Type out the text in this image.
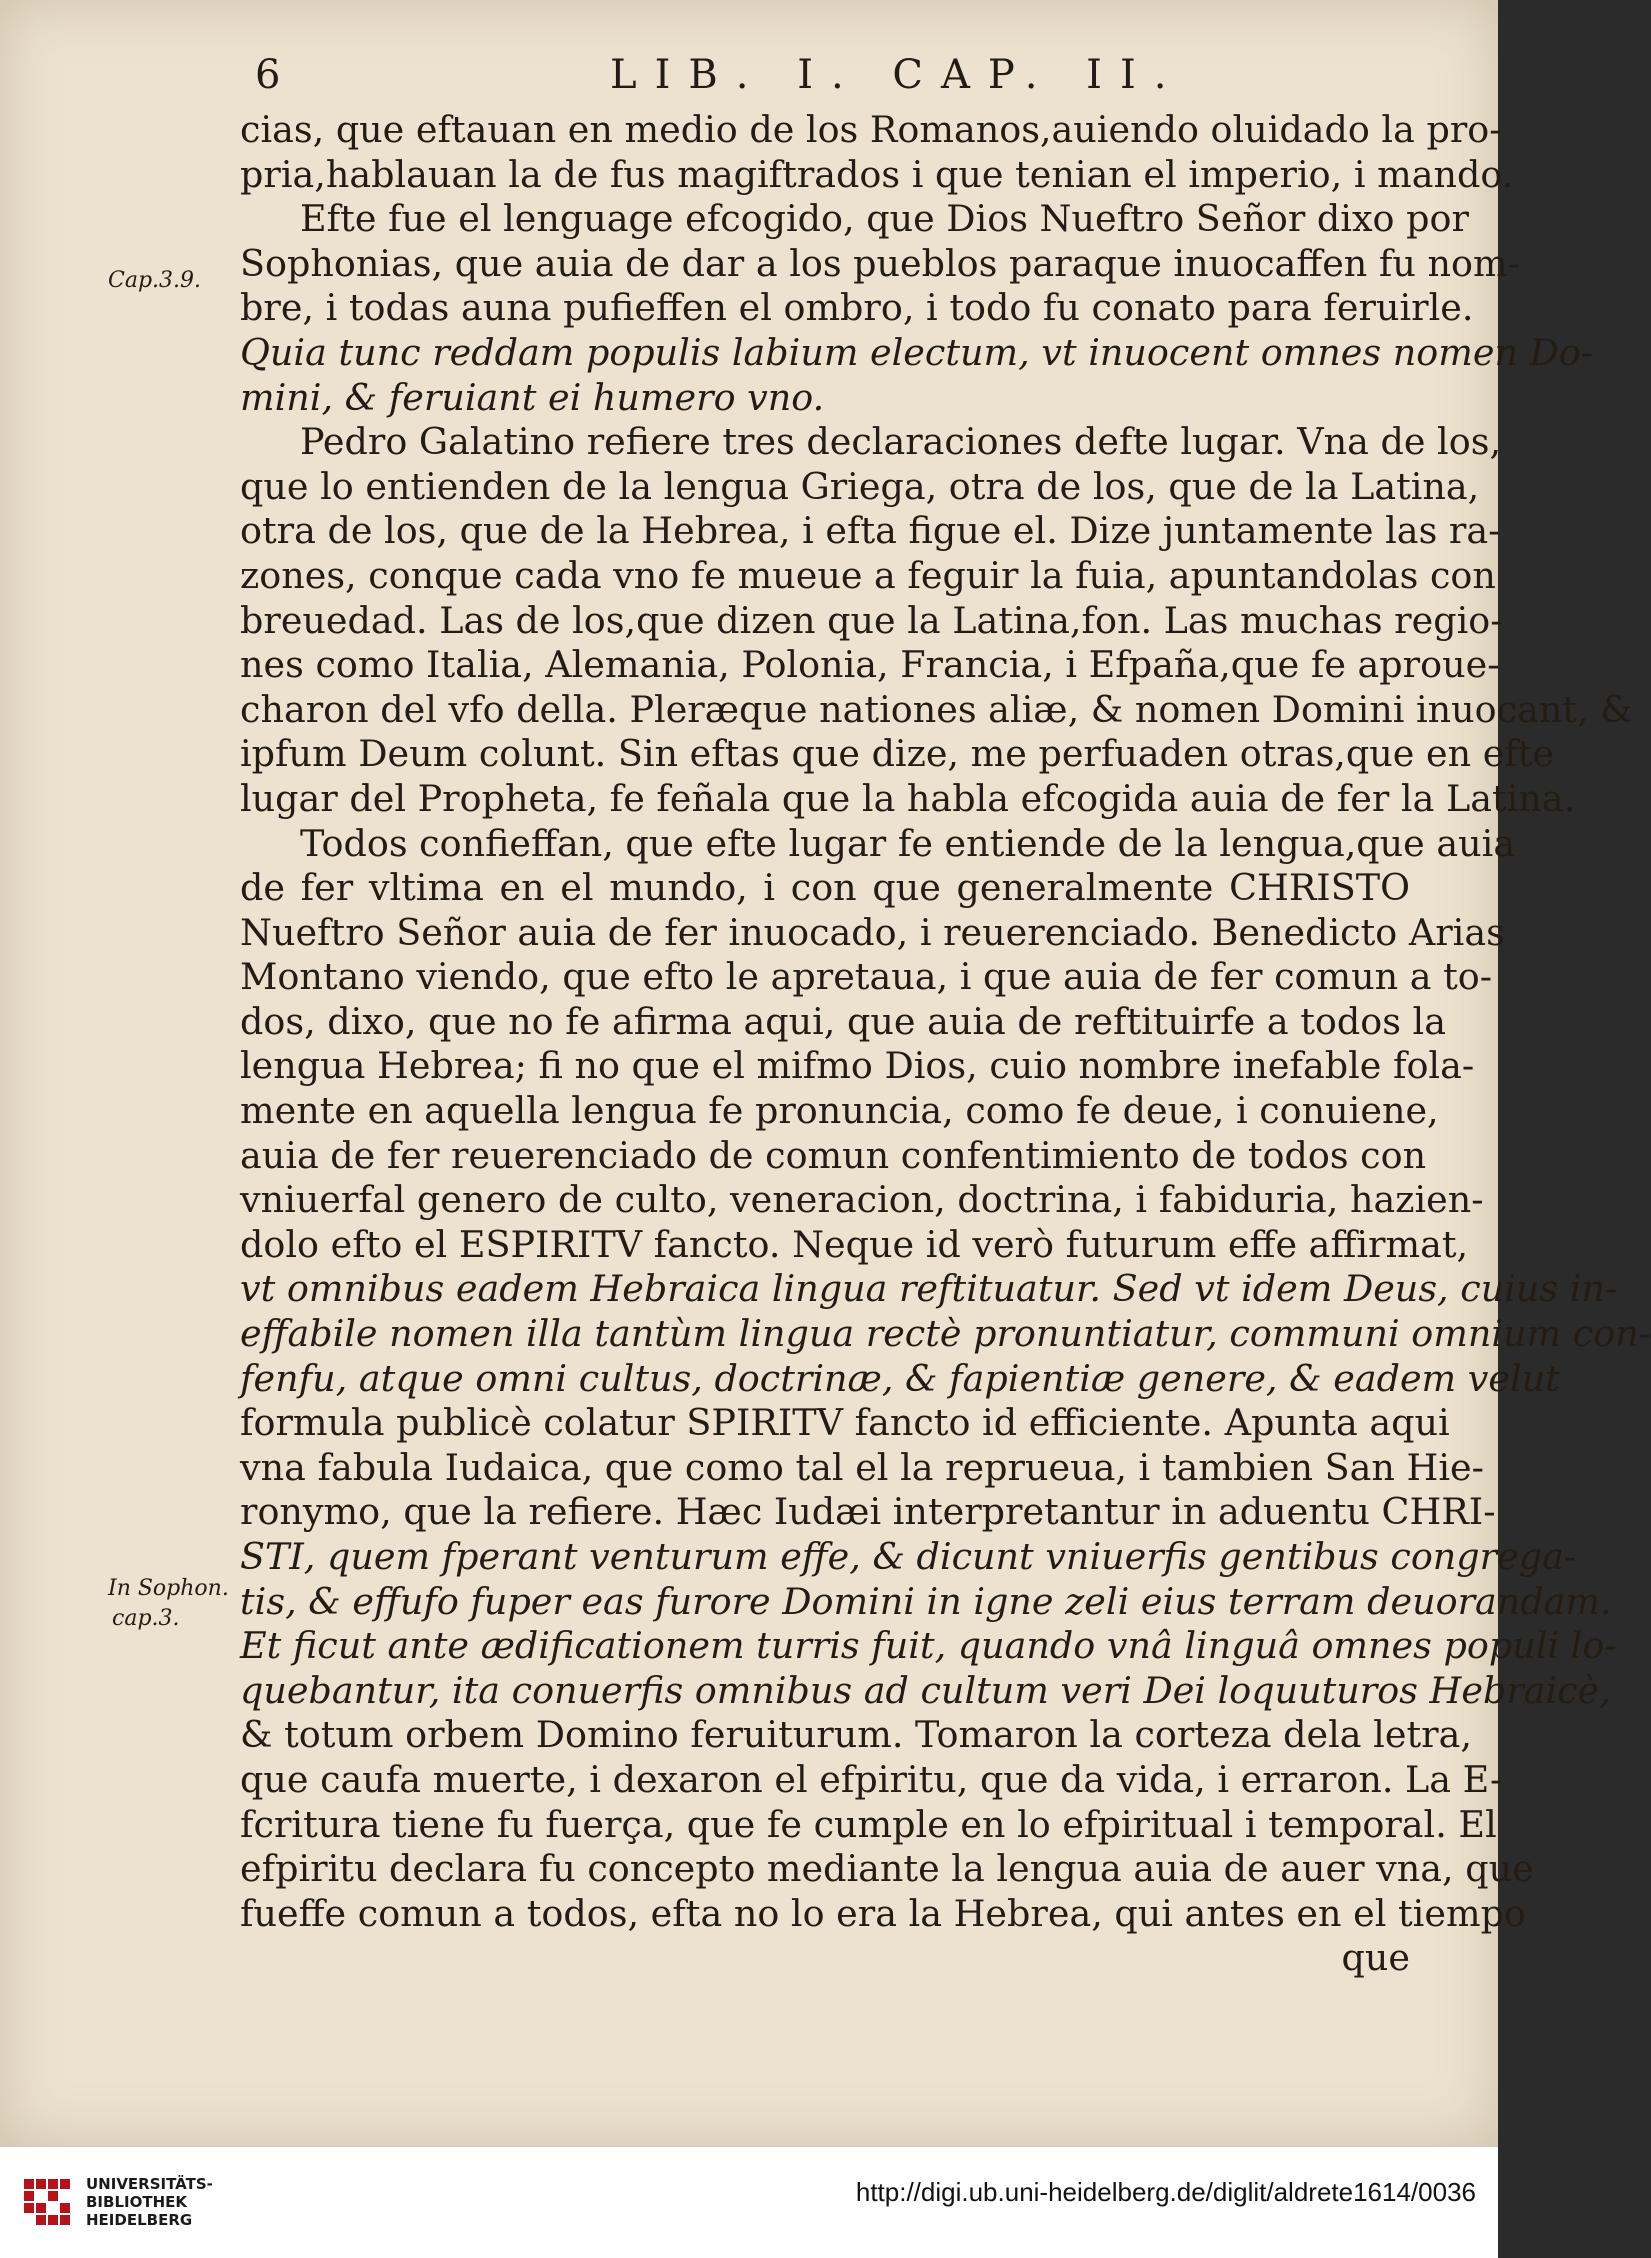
6	LIB. I. CAP. II.
Cap.3.9.
In Sophon.
cap.3.
cias, que eftauan en medio de los Romanos,auiendo oluidado la pro-
pria,hablauan la de fus magiftrados i que tenian el imperio, i mando.
Efte fue el lenguage efcogido, que Dios Nueftro Señor dixo por
Sophonias, que auia de dar a los pueblos paraque inuocaffen fu nom-
bre, i todas auna pufieffen el ombro, i todo fu conato para feruirle.
Quia tunc reddam populis labium electum, vt inuocent omnes nomen Do-
mini, & feruiant ei humero vno.
Pedro Galatino refiere tres declaraciones defte lugar. Vna de los,
que lo entienden de la lengua Griega, otra de los, que de la Latina,
otra de los, que de la Hebrea, i efta figue el. Dize juntamente las ra-
zones, conque cada vno fe mueue a feguir la fuia, apuntandolas con
breuedad. Las de los,que dizen que la Latina,fon. Las muchas regio-
nes como Italia, Alemania, Polonia, Francia, i Efpaña,que fe aproue-
charon del vfo della. Pleræque nationes aliæ, & nomen Domini inuocant, &
ipfum Deum colunt. Sin eftas que dize, me perfuaden otras,que en efte
lugar del Propheta, fe feñala que la habla efcogida auia de fer la Latina.
Todos confieffan, que efte lugar fe entiende de la lengua,que auia
de fer vltima en el mundo, i con que generalmente CHRISTO
Nueftro Señor auia de fer inuocado, i reuerenciado. Benedicto Arias
Montano viendo, que efto le apretaua, i que auia de fer comun a to-
dos, dixo, que no fe afirma aqui, que auia de reftituirfe a todos la
lengua Hebrea; fi no que el mifmo Dios, cuio nombre inefable fola-
mente en aquella lengua fe pronuncia, como fe deue, i conuiene,
auia de fer reuerenciado de comun confentimiento de todos con
vniuerfal genero de culto, veneracion, doctrina, i fabiduria, hazien-
dolo efto el ESPIRITV fancto. Neque id verò futurum effe affirmat,
vt omnibus eadem Hebraica lingua reftituatur. Sed vt idem Deus, cuius in-
effabile nomen illa tantùm lingua rectè pronuntiatur, communi omnium con-
fenfu, atque omni cultus, doctrinæ, & fapientiæ genere, & eadem velut
formula publicè colatur SPIRITV fancto id efficiente. Apunta aqui
vna fabula Iudaica, que como tal el la reprueua, i tambien San Hie-
ronymo, que la refiere. Hæc Iudæi interpretantur in aduentu CHRI-
STI, quem fperant venturum effe, & dicunt vniuerfis gentibus congrega-
tis, & effufo fuper eas furore Domini in igne zeli eius terram deuorandam.
Et ficut ante ædificationem turris fuit, quando vnâ linguâ omnes populi lo-
quebantur, ita conuerfis omnibus ad cultum veri Dei loquuturos Hebraicè,
& totum orbem Domino feruiturum. Tomaron la corteza dela letra,
que caufa muerte, i dexaron el efpiritu, que da vida, i erraron. La E-
fcritura tiene fu fuerça, que fe cumple en lo efpiritual i temporal. El
efpiritu declara fu concepto mediante la lengua auia de auer vna, que
fueffe comun a todos, efta no lo era la Hebrea, qui antes en el tiempo
que
UNIVERSITÄTS-
BIBLIOTHEK
HEIDELBERG
http://digi.ub.uni-heidelberg.de/diglit/aldrete1614/0036
